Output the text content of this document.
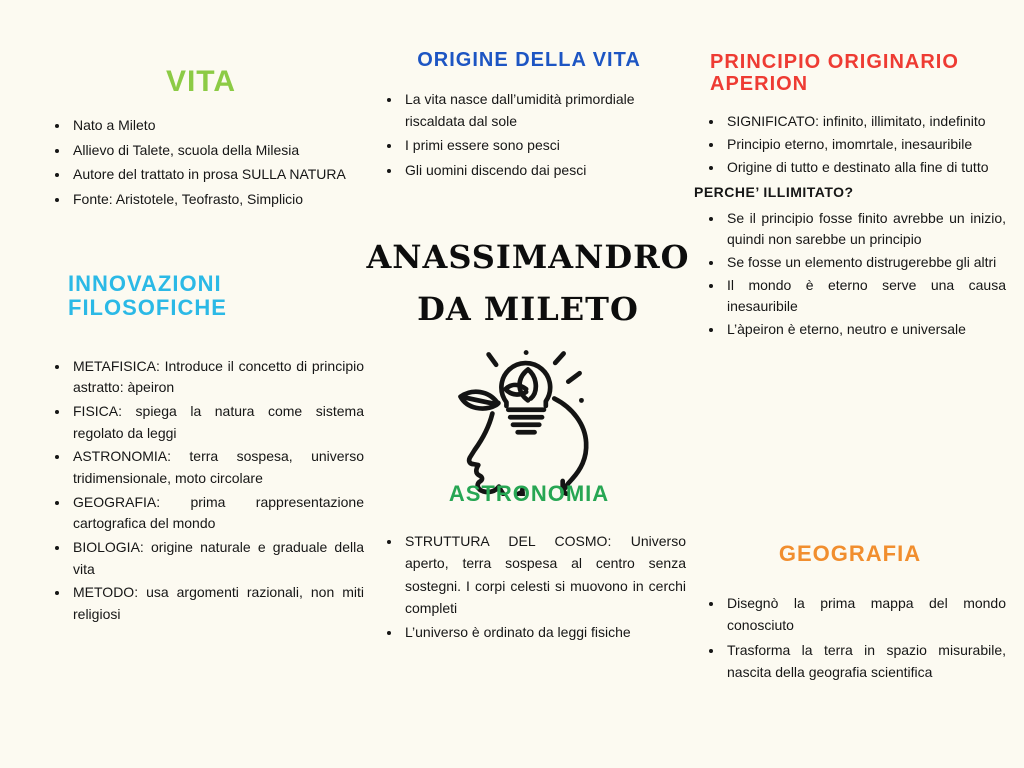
VITA
• Nato a Mileto
• Allievo di Talete, scuola della Milesia
• Autore del trattato in prosa SULLA NATURA
• Fonte: Aristotele, Teofrasto, Simplicio
INNOVAZIONI FILOSOFICHE
• METAFISICA: Introduce il concetto di principio astratto: àpeiron
• FISICA: spiega la natura come sistema regolato da leggi
• ASTRONOMIA: terra sospesa, universo tridimensionale, moto circolare
• GEOGRAFIA: prima rappresentazione cartografica del mondo
• BIOLOGIA: origine naturale e graduale della vita
• METODO: usa argomenti razionali, non miti religiosi
ORIGINE DELLA VITA
• La vita nasce dall’umidità primordiale riscaldata dal sole
• I primi essere sono pesci
• Gli uomini discendo dai pesci
ANASSIMANDRO
DA MILETO
ASTRONOMIA
• STRUTTURA DEL COSMO: Universo aperto, terra sospesa al centro senza sostegni. I corpi celesti si muovono in cerchi completi
• L’universo è ordinato da leggi fisiche
PRINCIPIO ORIGINARIO APERION
• SIGNIFICATO: infinito, illimitato, indefinito
• Principio eterno, imomrtale, inesauribile
• Origine di tutto e destinato alla fine di tutto
PERCHE’ ILLIMITATO?
• Se il principio fosse finito avrebbe un inizio, quindi non sarebbe un principio
• Se fosse un elemento distrugerebbe gli altri
• Il mondo è eterno serve una causa inesauribile
• L’àpeiron è eterno, neutro e universale
GEOGRAFIA
• Disegnò la prima mappa del mondo conosciuto
• Trasforma la terra in spazio misurabile, nascita della geografia scientifica
